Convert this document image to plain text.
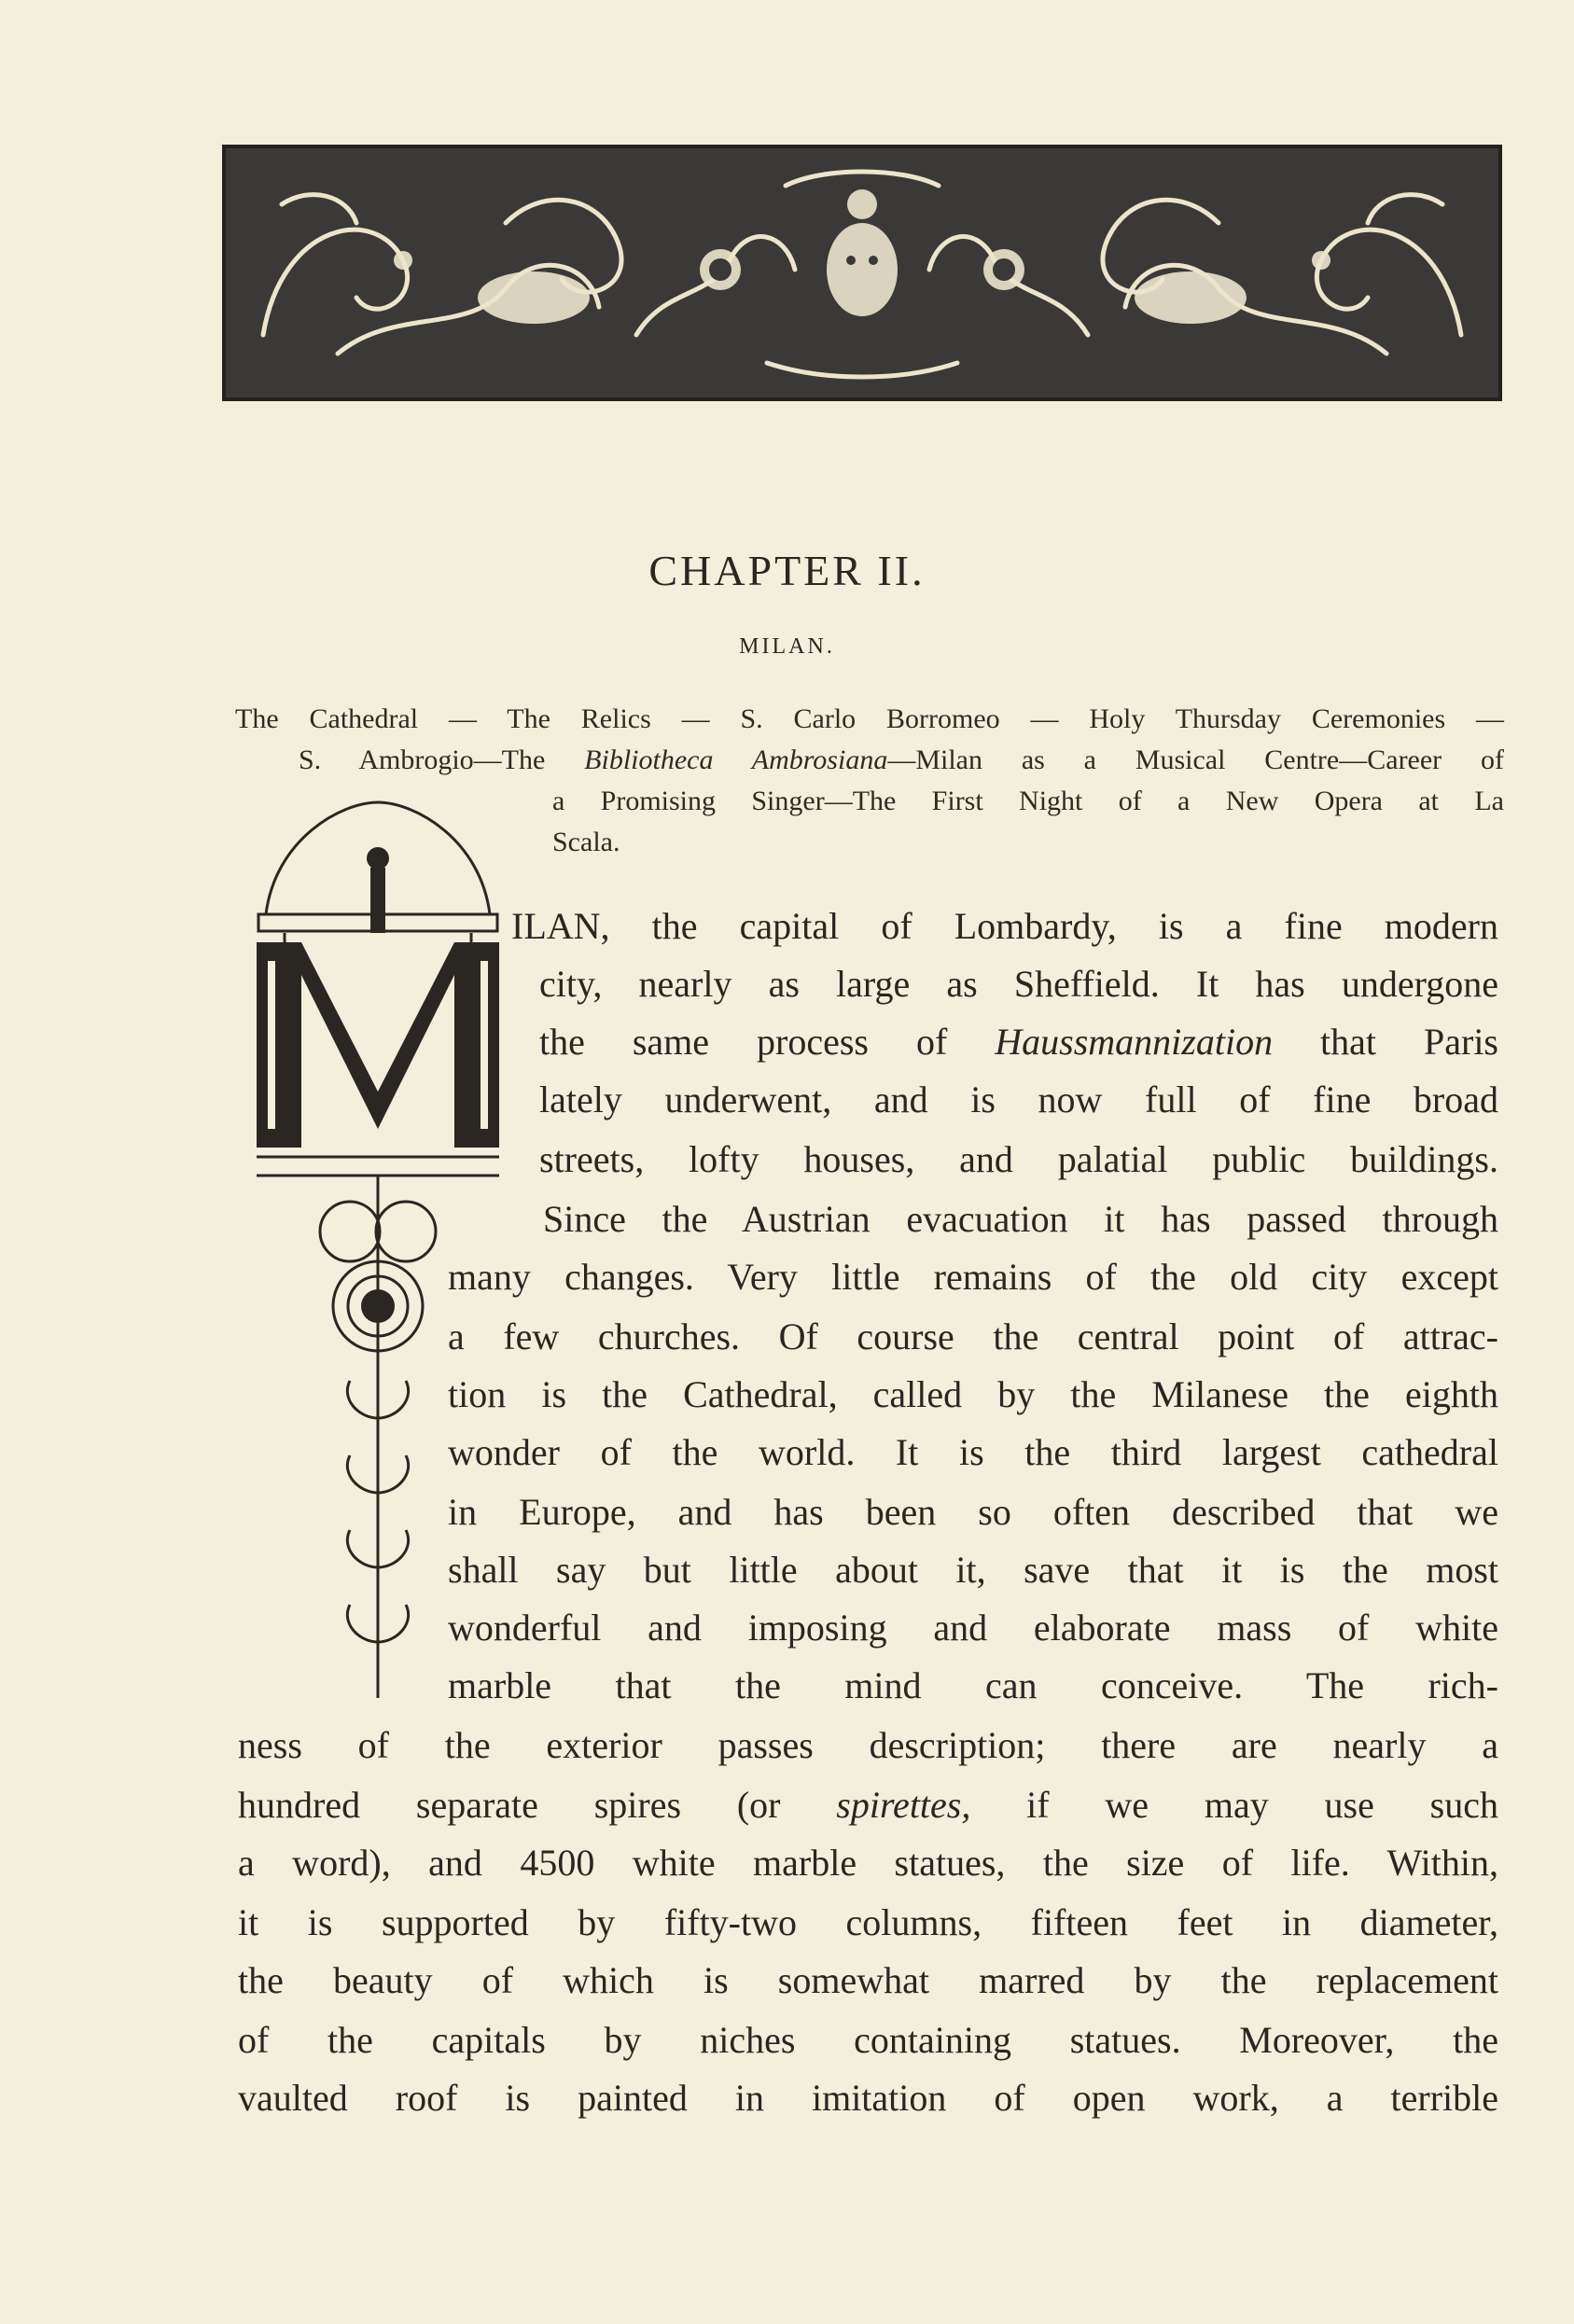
CHAPTER II.
MILAN.
The Cathedral — The Relics — S. Carlo Borromeo — Holy Thursday Ceremonies —
S. Ambrogio—The Bibliotheca Ambrosiana—Milan as a Musical Centre—Career of
a Promising Singer—The First Night of a New Opera at La
Scala.
ILAN, the capital of Lombardy, is a fine modern
city, nearly as large as Sheffield. It has undergone
the same process of Haussmannization that Paris
lately underwent, and is now full of fine broad
streets, lofty houses, and palatial public buildings.
Since the Austrian evacuation it has passed through
many changes. Very little remains of the old city except
a few churches. Of course the central point of attrac-
tion is the Cathedral, called by the Milanese the eighth
wonder of the world. It is the third largest cathedral
in Europe, and has been so often described that we
shall say but little about it, save that it is the most
wonderful and imposing and elaborate mass of white
marble that the mind can conceive. The rich-
ness of the exterior passes description; there are nearly a
hundred separate spires (or spirettes, if we may use such
a word), and 4500 white marble statues, the size of life. Within,
it is supported by fifty-two columns, fifteen feet in diameter,
the beauty of which is somewhat marred by the replacement
of the capitals by niches containing statues. Moreover, the
vaulted roof is painted in imitation of open work, a terrible
